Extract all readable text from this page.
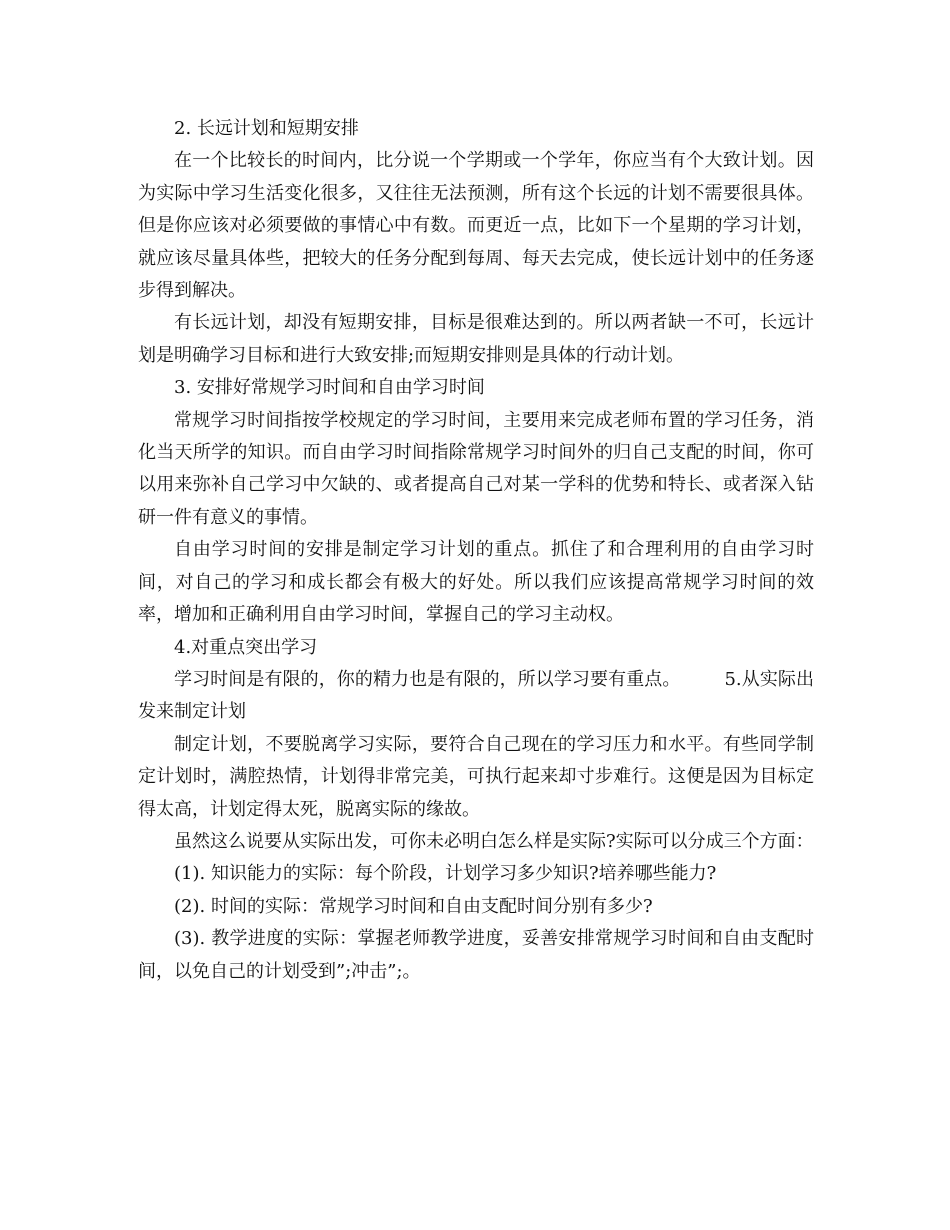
2. 长远计划和短期安排

在一个比较长的时间内，比分说一个学期或一个学年，你应当有个大致计划。因为实际中学习生活变化很多，又往往无法预测，所有这个长远的计划不需要很具体。但是你应该对必须要做的事情心中有数。而更近一点，比如下一个星期的学习计划，就应该尽量具体些，把较大的任务分配到每周、每天去完成，使长远计划中的任务逐步得到解决。

有长远计划，却没有短期安排，目标是很难达到的。所以两者缺一不可，长远计划是明确学习目标和进行大致安排;而短期安排则是具体的行动计划。

3. 安排好常规学习时间和自由学习时间

常规学习时间指按学校规定的学习时间，主要用来完成老师布置的学习任务，消化当天所学的知识。而自由学习时间指除常规学习时间外的归自己支配的时间，你可以用来弥补自己学习中欠缺的、或者提高自己对某一学科的优势和特长、或者深入钻研一件有意义的事情。

自由学习时间的安排是制定学习计划的重点。抓住了和合理利用的自由学习时间，对自己的学习和成长都会有极大的好处。所以我们应该提高常规学习时间的效率，增加和正确利用自由学习时间，掌握自己的学习主动权。

4.对重点突出学习

学习时间是有限的，你的精力也是有限的，所以学习要有重点。 5.从实际出发来制定计划

制定计划，不要脱离学习实际，要符合自己现在的学习压力和水平。有些同学制定计划时，满腔热情，计划得非常完美，可执行起来却寸步难行。这便是因为目标定得太高，计划定得太死，脱离实际的缘故。

虽然这么说要从实际出发，可你未必明白怎么样是实际?实际可以分成三个方面：

(1). 知识能力的实际：每个阶段，计划学习多少知识?培养哪些能力?

(2). 时间的实际：常规学习时间和自由支配时间分别有多少?

(3). 教学进度的实际：掌握老师教学进度，妥善安排常规学习时间和自由支配时间，以免自己的计划受到”;冲击”;。
